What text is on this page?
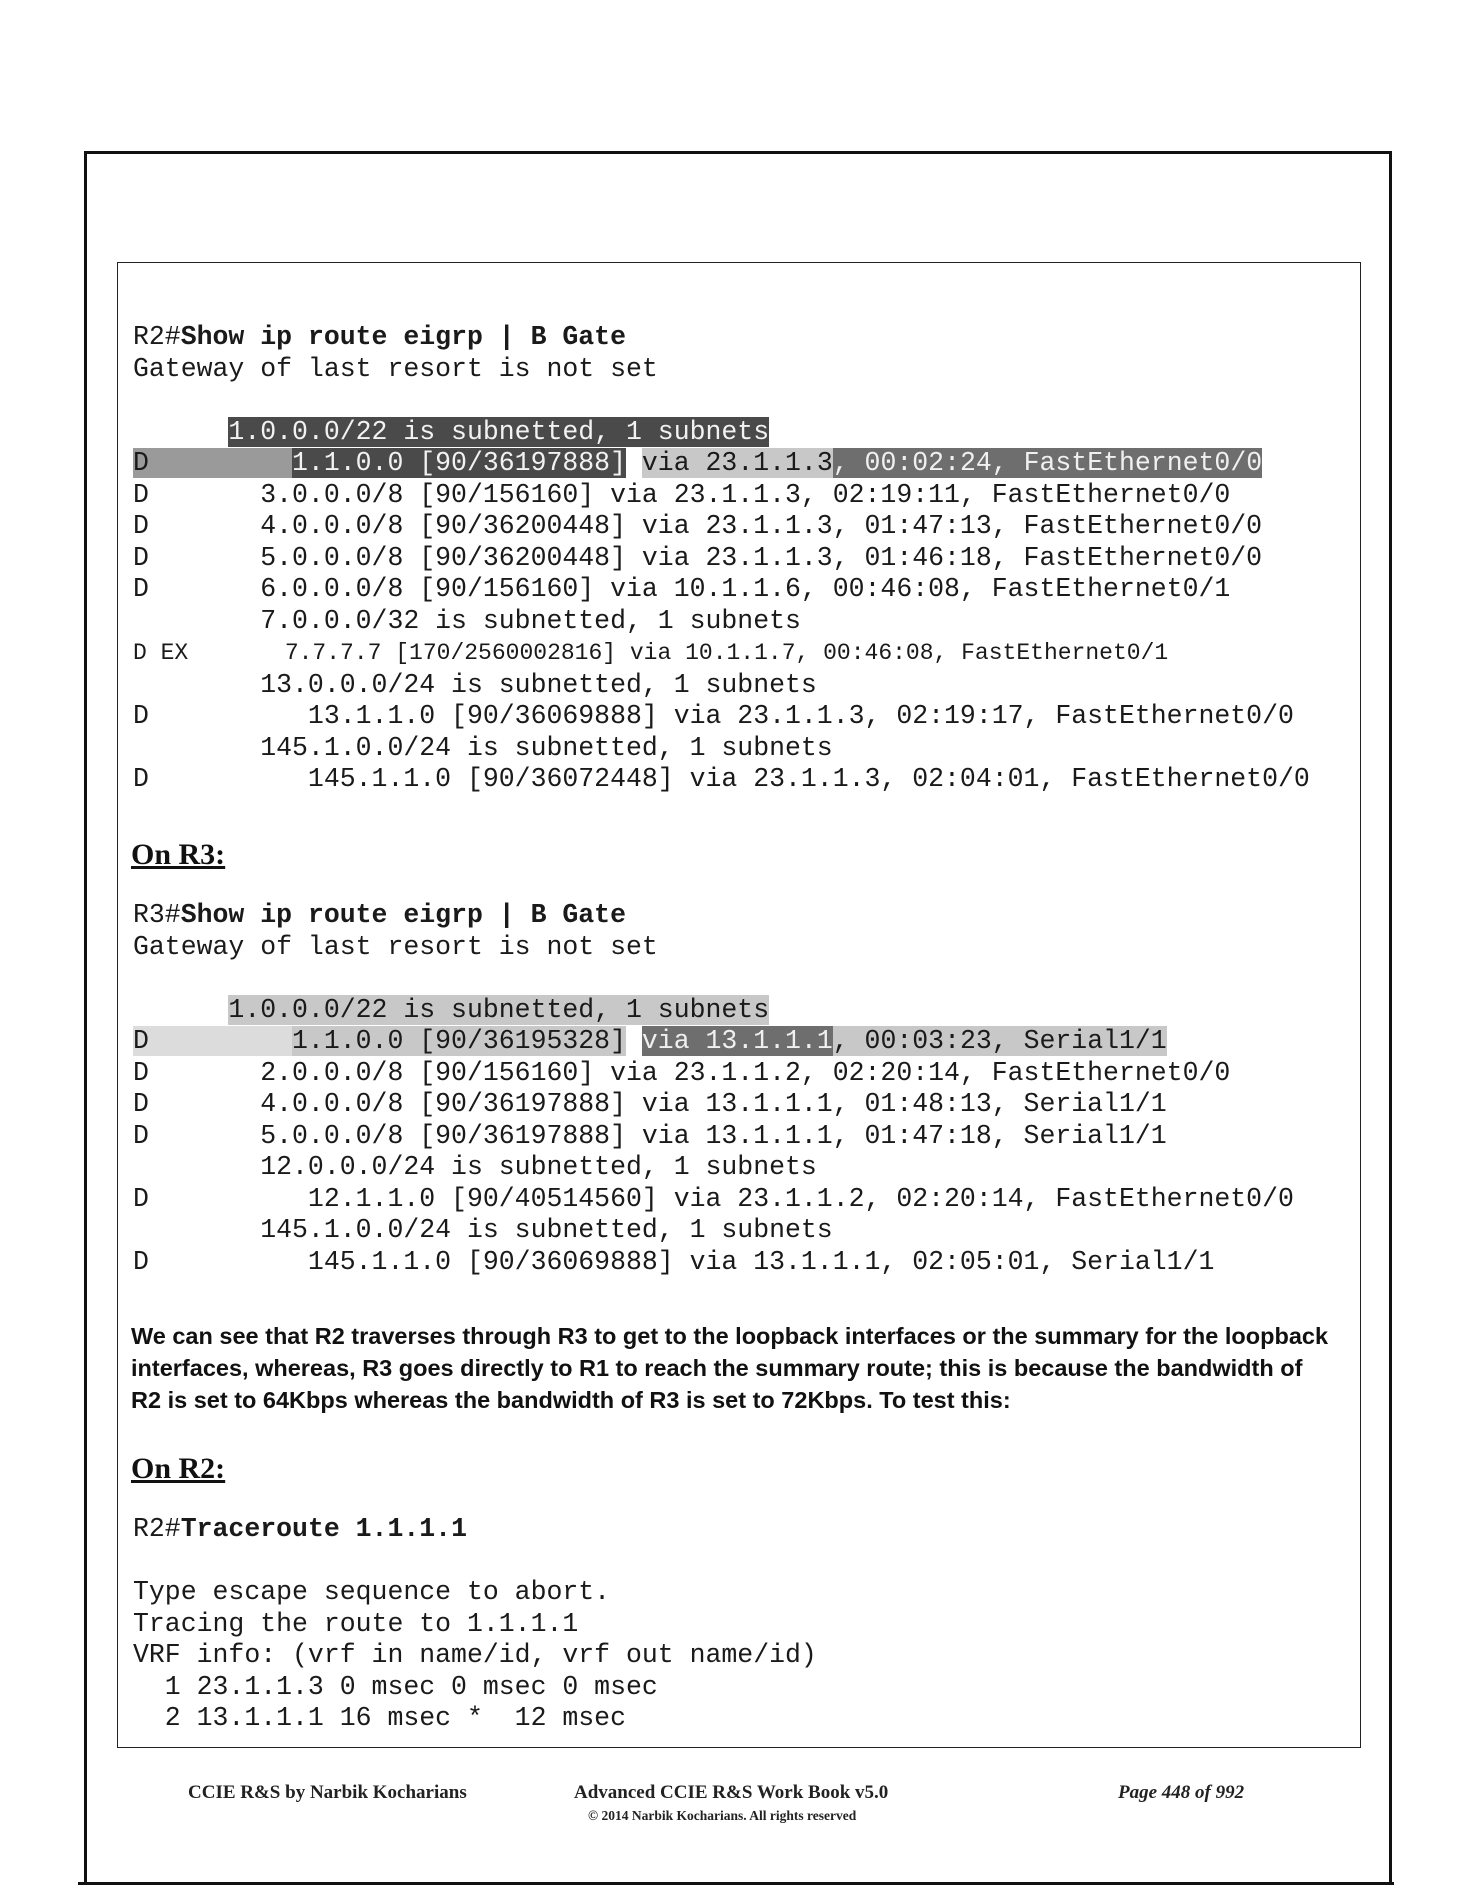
R2#Show ip route eigrp | B Gate
Gateway of last resort is not set

1.0.0.0/22 is subnetted, 1 subnets
D	1.1.0.0 [90/36197888] via 23.1.1.3, 00:02:24, FastEthernet0/0
D       3.0.0.0/8 [90/156160] via 23.1.1.3, 02:19:11, FastEthernet0/0
D       4.0.0.0/8 [90/36200448] via 23.1.1.3, 01:47:13, FastEthernet0/0
D       5.0.0.0/8 [90/36200448] via 23.1.1.3, 01:46:18, FastEthernet0/0
D       6.0.0.0/8 [90/156160] via 10.1.1.6, 00:46:08, FastEthernet0/1
7.0.0.0/32 is subnetted, 1 subnets
D EX       7.7.7.7 [170/2560002816] via 10.1.1.7, 00:46:08, FastEthernet0/1
13.0.0.0/24 is subnetted, 1 subnets
D          13.1.1.0 [90/36069888] via 23.1.1.3, 02:19:17, FastEthernet0/0
145.1.0.0/24 is subnetted, 1 subnets
D          145.1.1.0 [90/36072448] via 23.1.1.3, 02:04:01, FastEthernet0/0
On R3:
R3#Show ip route eigrp | B Gate
Gateway of last resort is not set

1.0.0.0/22 is subnetted, 1 subnets
D	1.1.0.0 [90/36195328] via 13.1.1.1, 00:03:23, Serial1/1
D       2.0.0.0/8 [90/156160] via 23.1.1.2, 02:20:14, FastEthernet0/0
D       4.0.0.0/8 [90/36197888] via 13.1.1.1, 01:48:13, Serial1/1
D       5.0.0.0/8 [90/36197888] via 13.1.1.1, 01:47:18, Serial1/1
12.0.0.0/24 is subnetted, 1 subnets
D          12.1.1.0 [90/40514560] via 23.1.1.2, 02:20:14, FastEthernet0/0
145.1.0.0/24 is subnetted, 1 subnets
D          145.1.1.0 [90/36069888] via 13.1.1.1, 02:05:01, Serial1/1

We can see that R2 traverses through R3 to get to the loopback interfaces or the summary for the loopback interfaces, whereas, R3 goes directly to R1 to reach the summary route; this is because the bandwidth of R2 is set to 64Kbps whereas the bandwidth of R3 is set to 72Kbps. To test this:

On R2:
R2#Traceroute 1.1.1.1

Type escape sequence to abort.
Tracing the route to 1.1.1.1
VRF info: (vrf in name/id, vrf out name/id)
1 23.1.1.3 0 msec 0 msec 0 msec
2 13.1.1.1 16 msec *  12 msec
CCIE R&S by Narbik Kocharians	Advanced CCIE R&S Work Book v5.0
© 2014 Narbik Kocharians. All rights reserved
Page 448 of 992
